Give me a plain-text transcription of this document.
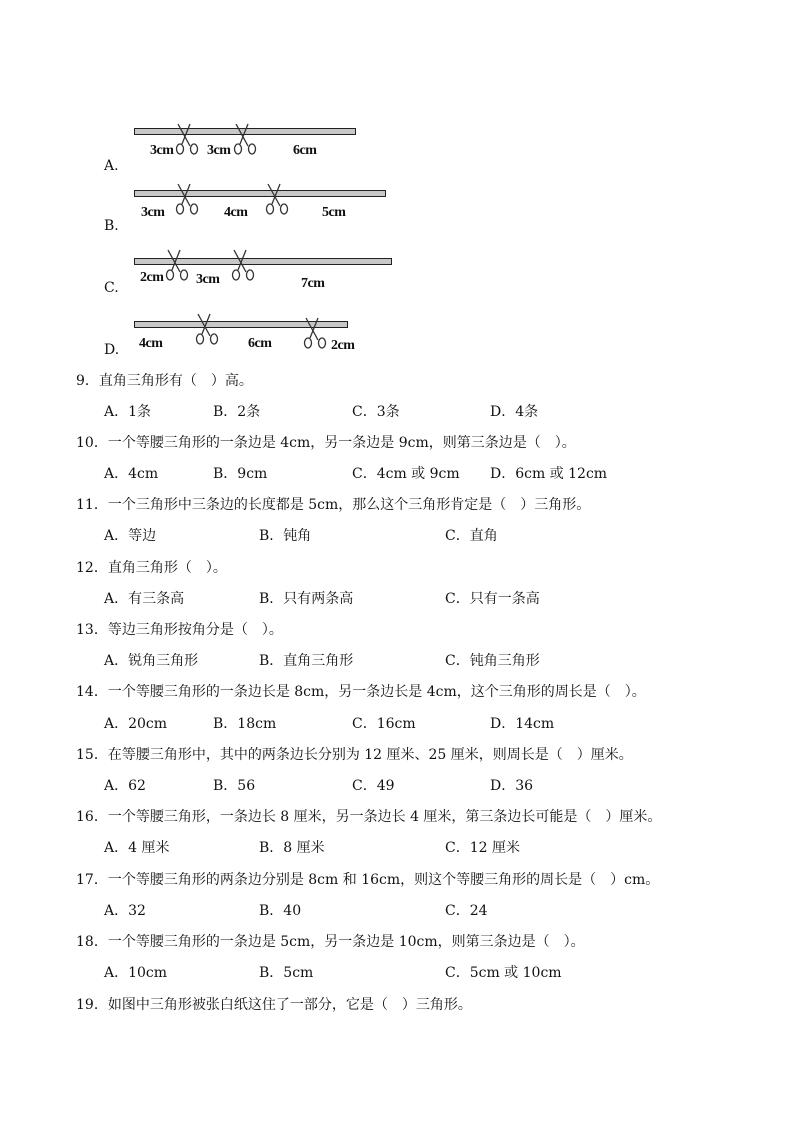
3cm 3cm	6cm
A.
3cm	4cm	5cm
B.
2cm 3cm	7cm
C.
4cm	6cm	2cm
D.
9．直角三角形有（　）高。
A．1条	B．2条	C．3条	D．4条
10．一个等腰三角形的一条边是 4cm，另一条边是 9cm，则第三条边是（　）。
A．4cm	B．9cm	C．4cm 或 9cm D．6cm 或 12cm
11．一个三角形中三条边的长度都是 5cm，那么这个三角形肯定是（　）三角形。
A．等边	B．钝角	C．直角
12．直角三角形（　）。
A．有三条高	B．只有两条高	C．只有一条高
13．等边三角形按角分是（　）。
A．锐角三角形	B．直角三角形	C．钝角三角形
14．一个等腰三角形的一条边长是 8cm，另一条边长是 4cm，这个三角形的周长是（　）。
A．20cm	B．18cm	C．16cm	D．14cm
15．在等腰三角形中，其中的两条边长分别为 12 厘米、25 厘米，则周长是（　）厘米。
A．62	B．56	C．49	D．36
16．一个等腰三角形，一条边长 8 厘米，另一条边长 4 厘米，第三条边长可能是（　）厘米。
A．4 厘米	B．8 厘米	C．12 厘米
17．一个等腰三角形的两条边分别是 8cm 和 16cm，则这个等腰三角形的周长是（　）cm。
A．32	B．40	C．24
18．一个等腰三角形的一条边是 5cm，另一条边是 10cm，则第三条边是（　）。
A．10cm	B．5cm	C．5cm 或 10cm
19．如图中三角形被张白纸这住了一部分，它是（　）三角形。
